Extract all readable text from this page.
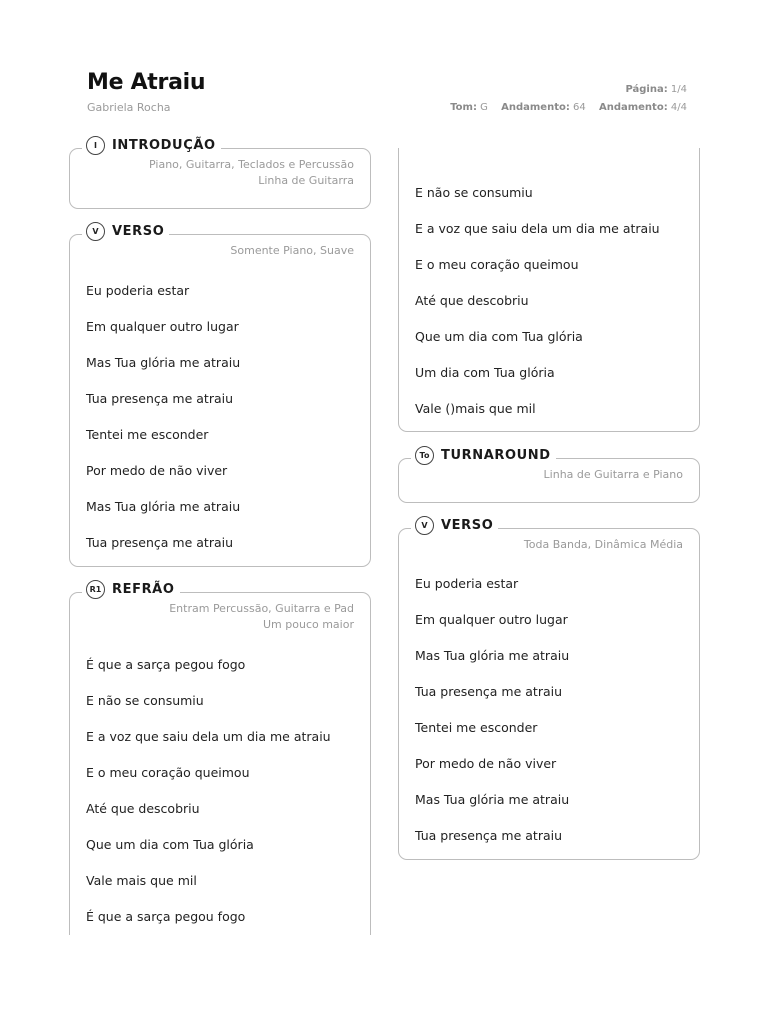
Me Atraiu
Gabriela Rocha
Página: 1/4
Tom: G Andamento: 64 Andamento: 4/4
I	INTRODUÇÃO
Piano, Guitarra, Teclados e Percussão
Linha de Guitarra
V	VERSO
Somente Piano, Suave
Eu poderia estar
Em qualquer outro lugar
Mas Tua glória me atraiu
Tua presença me atraiu
Tentei me esconder
Por medo de não viver
Mas Tua glória me atraiu
Tua presença me atraiu
R1 REFRÃO
Entram Percussão, Guitarra e Pad
Um pouco maior
É que a sarça pegou fogo
E não se consumiu
E a voz que saiu dela um dia me atraiu
E o meu coração queimou
Até que descobriu
Que um dia com Tua glória
Vale mais que mil
É que a sarça pegou fogo
E não se consumiu
E a voz que saiu dela um dia me atraiu
E o meu coração queimou
Até que descobriu
Que um dia com Tua glória
Um dia com Tua glória
Vale ()mais que mil
To TURNAROUND
Linha de Guitarra e Piano
V	VERSO
Toda Banda, Dinâmica Média
Eu poderia estar
Em qualquer outro lugar
Mas Tua glória me atraiu
Tua presença me atraiu
Tentei me esconder
Por medo de não viver
Mas Tua glória me atraiu
Tua presença me atraiu
